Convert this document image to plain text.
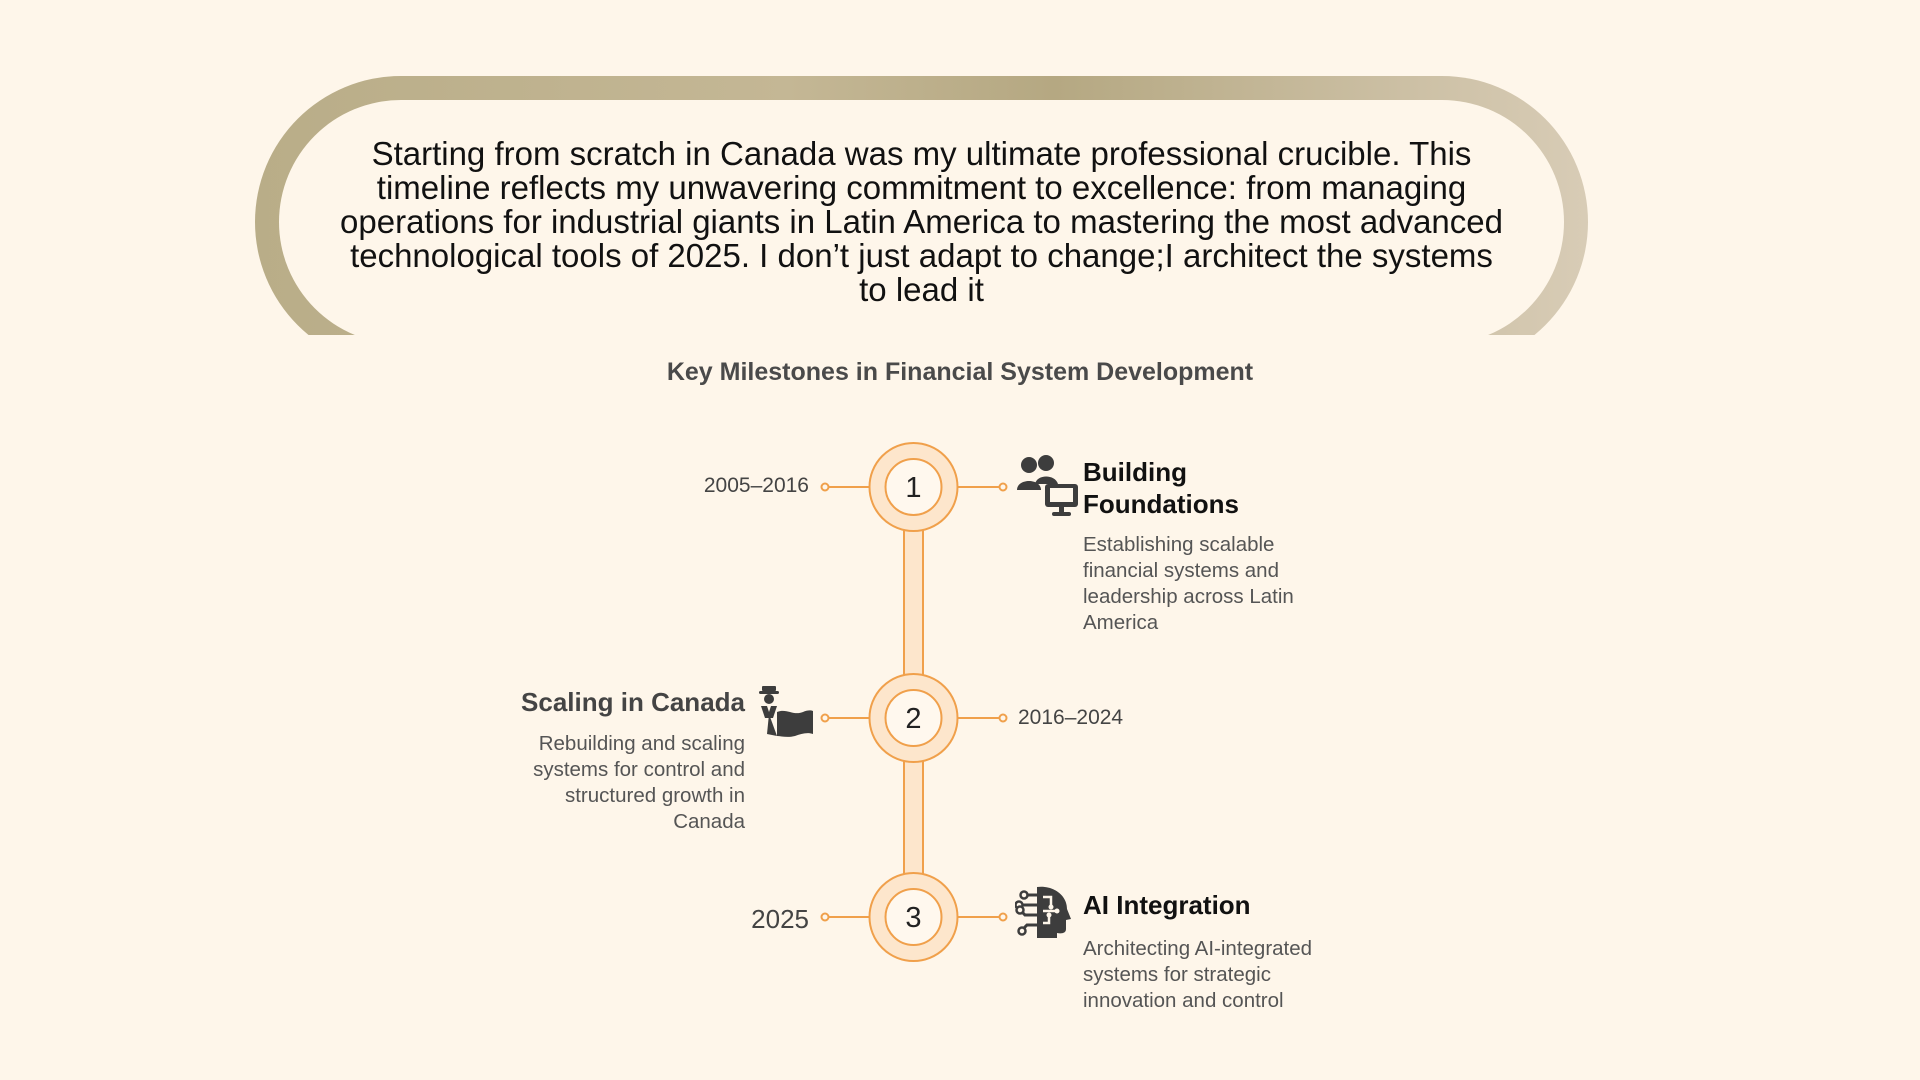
Starting from scratch in Canada was my ultimate professional crucible. This timeline reflects my unwavering commitment to excellence: from managing operations for industrial giants in Latin America to mastering the most advanced technological tools of 2025. I don’t just adapt to change;I architect the systems to lead it

Key Milestones in Financial System Development
1
2
3
2005–2016	Building Foundations

Establishing scalable financial systems and leadership across Latin America

Scaling in Canada

Rebuilding and scaling systems for control and structured growth in Canada

2016–2024
2025	AI Integration

Architecting AI-integrated systems for strategic innovation and control
